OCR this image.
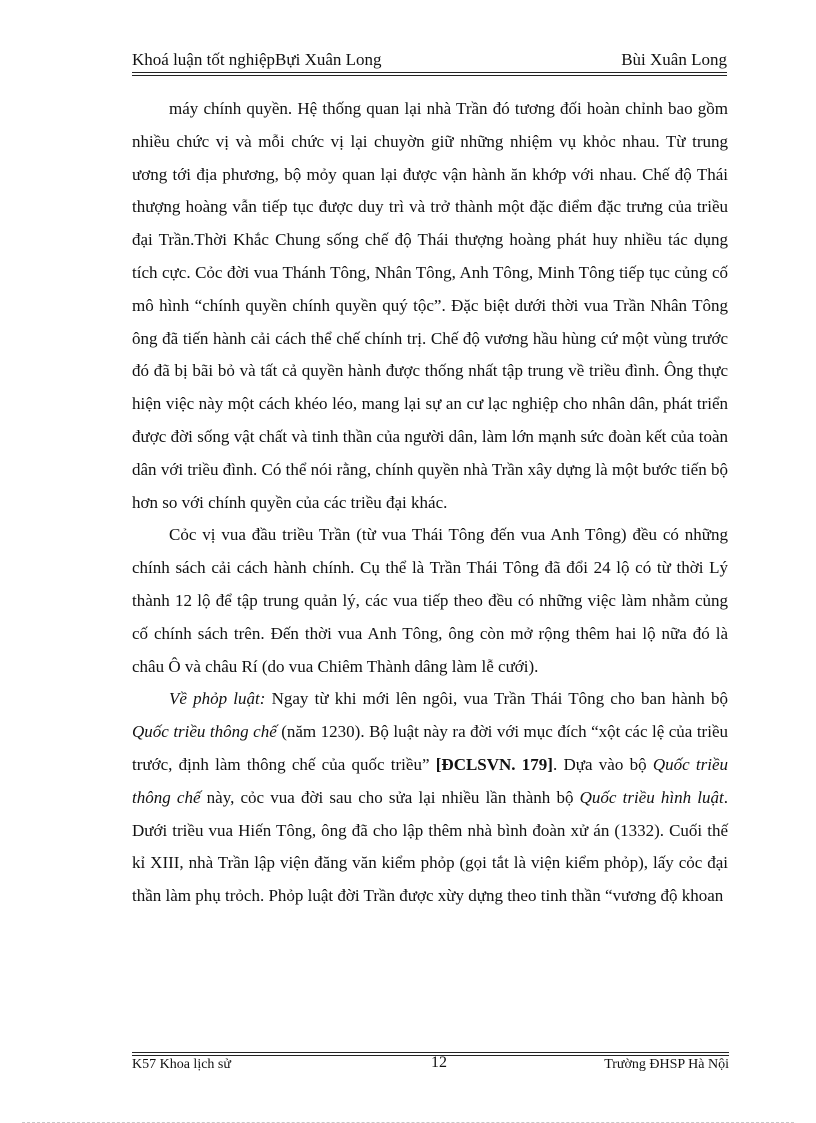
Khoá luận tốt nghiệpBựi Xuân Long	Bùi Xuân Long

máy chính quyền. Hệ thống quan lại nhà Trần đó tương đối hoàn chỉnh bao gồm nhiều chức vị và mỗi chức vị lại chuyờn giữ những nhiệm vụ khỏc nhau. Từ trung ương tới địa phương, bộ mỏy quan lại được vận hành ăn khớp với nhau. Chế độ Thái thượng hoàng vẫn tiếp tục được duy trì và trở thành một đặc điểm đặc trưng của triều đại Trần.Thời Khắc Chung sống chế độ Thái thượng hoàng phát huy nhiều tác dụng tích cực. Cỏc đời vua Thánh Tông, Nhân Tông, Anh Tông, Minh Tông tiếp tục củng cố mô hình “chính quyền chính quyền quý tộc”. Đặc biệt dưới thời vua Trần Nhân Tông ông đã tiến hành cải cách thể chế chính trị. Chế độ vương hầu hùng cứ một vùng trước đó đã bị bãi bỏ và tất cả quyền hành được thống nhất tập trung về triều đình. Ông thực hiện việc này một cách khéo léo, mang lại sự an cư lạc nghiệp cho nhân dân, phát triển được đời sống vật chất và tinh thần của người dân, làm lớn mạnh sức đoàn kết của toàn dân với triều đình. Có thể nói rằng, chính quyền nhà Trần xây dựng là một bước tiến bộ hơn so với chính quyền của các triều đại khác.

Cỏc vị vua đầu triều Trần (từ vua Thái Tông đến vua Anh Tông) đều có những chính sách cải cách hành chính. Cụ thể là Trần Thái Tông đã đổi 24 lộ có từ thời Lý thành 12 lộ để tập trung quản lý, các vua tiếp theo đều có những việc làm nhằm củng cố chính sách trên. Đến thời vua Anh Tông, ông còn mở rộng thêm hai lộ nữa đó là châu Ô và châu Rí (do vua Chiêm Thành dâng làm lễ cưới).

Về phỏp luật: Ngay từ khi mới lên ngôi, vua Trần Thái Tông cho ban hành bộ Quốc triều thông chế (năm 1230). Bộ luật này ra đời với mục đích “xột các lệ của triều trước, định làm thông chế của quốc triều” [ĐCLSVN. 179]. Dựa vào bộ Quốc triều thông chế này, cỏc vua đời sau cho sửa lại nhiều lần thành bộ Quốc triều hình luật. Dưới triều vua Hiến Tông, ông đã cho lập thêm nhà bình đoàn xử án (1332). Cuối thế kỉ XIII, nhà Trần lập viện đăng văn kiểm phỏp (gọi tắt là viện kiểm phỏp), lấy cỏc đại thần làm phụ trỏch. Phỏp luật đời Trần được xừy dựng theo tinh thần “vương độ khoan

K57 Khoa lịch sử	12	Trường ĐHSP Hà Nội
